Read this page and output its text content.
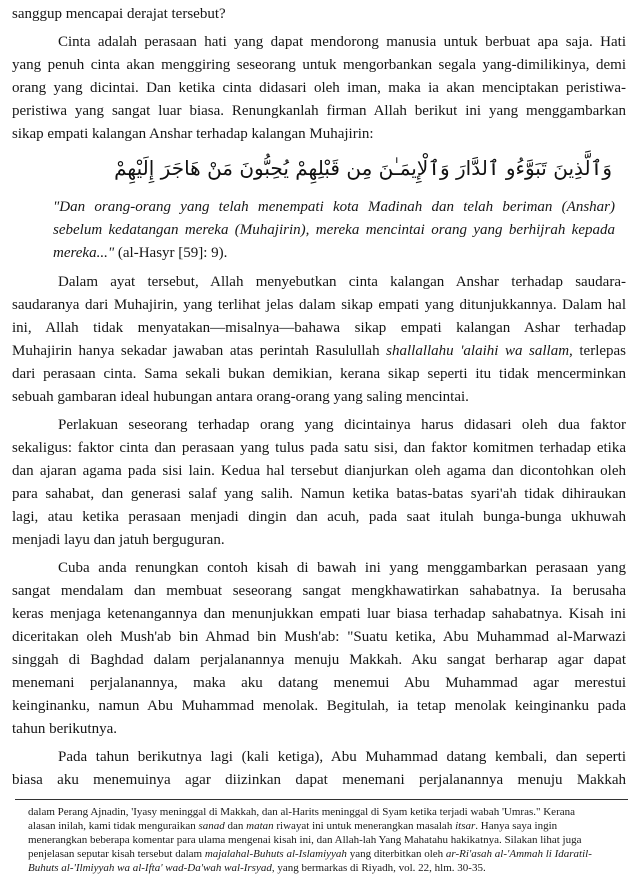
sanggup mencapai derajat tersebut?
Cinta adalah perasaan hati yang dapat mendorong manusia untuk berbuat apa saja. Hati
yang penuh cinta akan menggiring seseorang untuk mengorbankan segala yang-dimilikinya, demi
orang yang dicintai. Dan ketika cinta didasari oleh iman, maka ia akan menciptakan peristiwa-
peristiwa yang sangat luar biasa. Renungkanlah firman Allah berikut ini yang menggambarkan
sikap empati kalangan Anshar terhadap kalangan Muhajirin:
وَٱلَّذِينَ تَبَوَّءُو ٱلدَّارَ وَٱلْإِيمَـٰنَ مِن قَبْلِهِمْ يُحِبُّونَ مَنْ هَاجَرَ إِلَيْهِمْ
"Dan orang-orang yang telah menempati kota Madinah dan telah beriman (Anshar)
sebelum kedatangan mereka (Muhajirin), mereka mencintai orang yang berhijrah kepada
mereka..." (al-Hasyr [59]: 9).
Dalam ayat tersebut, Allah menyebutkan cinta kalangan Anshar terhadap saudara-
saudaranya dari Muhajirin, yang terlihat jelas dalam sikap empati yang ditunjukkannya. Dalam hal
ini, Allah tidak menyatakan—misalnya—bahawa sikap empati kalangan Ashar terhadap
Muhajirin hanya sekadar jawaban atas perintah Rasulullah shallallahu 'alaihi wa sallam, terlepas
dari perasaan cinta. Sama sekali bukan demikian, kerana sikap seperti itu tidak mencerminkan
sebuah gambaran ideal hubungan antara orang-orang yang saling mencintai.
Perlakuan seseorang terhadap orang yang dicintainya harus didasari oleh dua faktor
sekaligus: faktor cinta dan perasaan yang tulus pada satu sisi, dan faktor komitmen terhadap etika
dan ajaran agama pada sisi lain. Kedua hal tersebut dianjurkan oleh agama dan dicontohkan oleh
para sahabat, dan generasi salaf yang salih. Namun ketika batas-batas syari'ah tidak dihiraukan
lagi, atau ketika perasaan menjadi dingin dan acuh, pada saat itulah bunga-bunga ukhuwah
menjadi layu dan jatuh berguguran.
Cuba anda renungkan contoh kisah di bawah ini yang menggambarkan perasaan yang
sangat mendalam dan membuat seseorang sangat mengkhawatirkan sahabatnya. Ia berusaha
keras menjaga ketenangannya dan menunjukkan empati luar biasa terhadap sahabatnya. Kisah ini
diceritakan oleh Mush'ab bin Ahmad bin Mush'ab: "Suatu ketika, Abu Muhammad al-Marwazi
singgah di Baghdad dalam perjalanannya menuju Makkah. Aku sangat berharap agar dapat
menemani perjalanannya, maka aku datang menemui Abu Muhammad agar merestui
keinginanku, namun Abu Muhammad menolak. Begitulah, ia tetap menolak keinginanku pada
tahun berikutnya.
Pada tahun berikutnya lagi (kali ketiga), Abu Muhammad datang kembali, dan seperti
biasa aku menemuinya agar diizinkan dapat menemani perjalanannya menuju Makkah
dalam Perang Ajnadin, 'Iyasy meninggal di Makkah, dan al-Harits meninggal di Syam ketika terjadi wabah 'Umras." Kerana
alasan inilah, kami tidak menguraikan sanad dan matan riwayat ini untuk menerangkan masalah itsar. Hanya saya ingin
menerangkan beberapa komentar para ulama mengenai kisah ini, dan Allah-lah Yang Mahatahu hakikatnya. Silakan lihat juga
penjelasan seputar kisah tersebut dalam majalahal-Buhuts al-Islamiyyah yang diterbitkan oleh ar-Ri'asah al-'Ammah li Idaratil-
Buhuts al-'Ilmiyyah wa al-Ifta' wad-Da'wah wal-Irsyad, yang bermarkas di Riyadh, vol. 22, hlm. 30-35.
